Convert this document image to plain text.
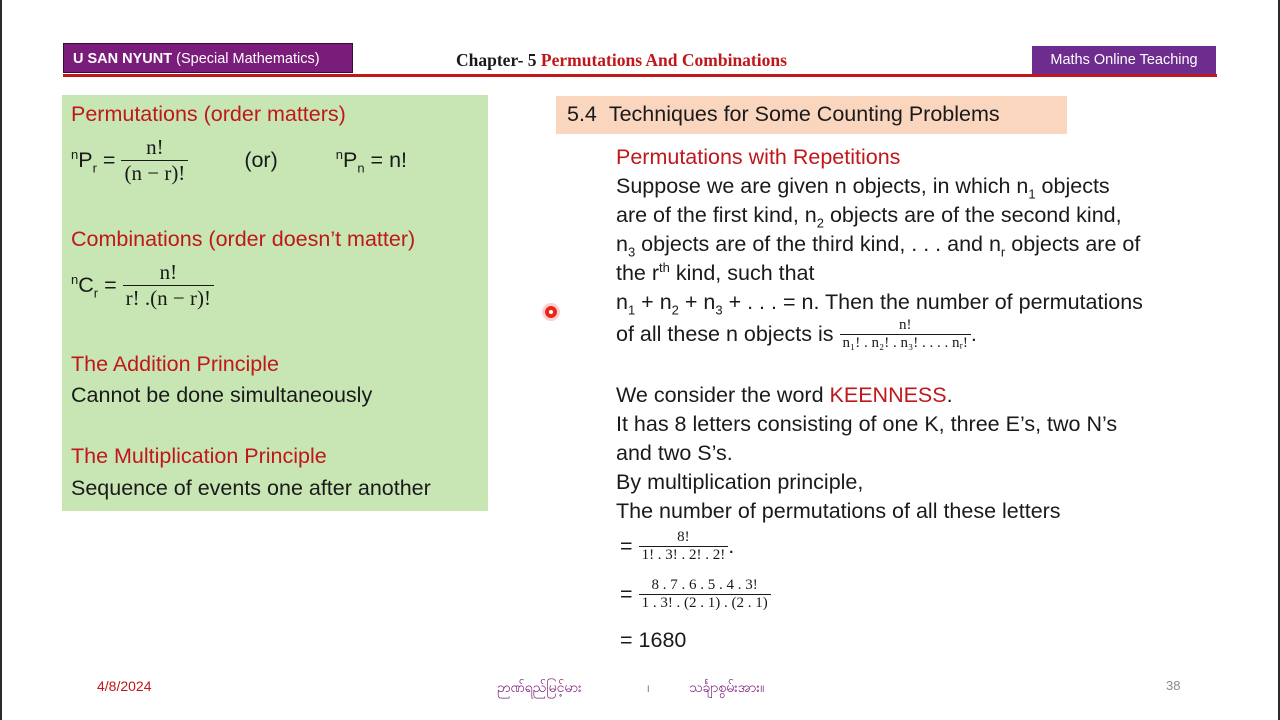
U SAN NYUNT (Special Mathematics)	Chapter- 5 Permutations And Combinations	Maths Online Teaching
Permutations (order matters)
$^nP_r = \frac{n!}{(n - r)!}$	(or)	$^nP_n = n$!
Combinations (order doesn’t matter)
$^nC_r = \frac{n!}{r! .(n - r)!}$
The Addition Principle
Cannot be done simultaneously
The Multiplication Principle
Sequence of events one after another
5.4 Techniques for Some Counting Problems
Permutations with Repetitions
Suppose we are given n objects, in which $n_1$ objects
are of the first kind, $n_2$ objects are of the second kind,
$n_3$ objects are of the third kind, . . . and $n_r$ objects are of
the $r^{th}$ kind, such that
$n_1 + n_2 + n_3$ + . . . = n. Then the number of permutations
of all these n objects is $\frac{n!}{\text{n₁! . n₂! . n₃! . . . . nᵣ!}}$ .
We consider the word KEENNESS.
It has 8 letters consisting of one K, three E’s, two N’s
and two S’s.
By multiplication principle,
The number of permutations of all these letters
= $\frac{8!}{1! . 3! . 2! . 2!}$ .
= $\frac{8 . 7 . 6 . 5 . 4 . 3!}{1 . 3! . (2 . 1) . (2 . 1)}$
= 1680
4/8/2024	ဉာဏ်ရည်မြင့်မား	၊	သင်္ချာစွမ်းအား။	38
